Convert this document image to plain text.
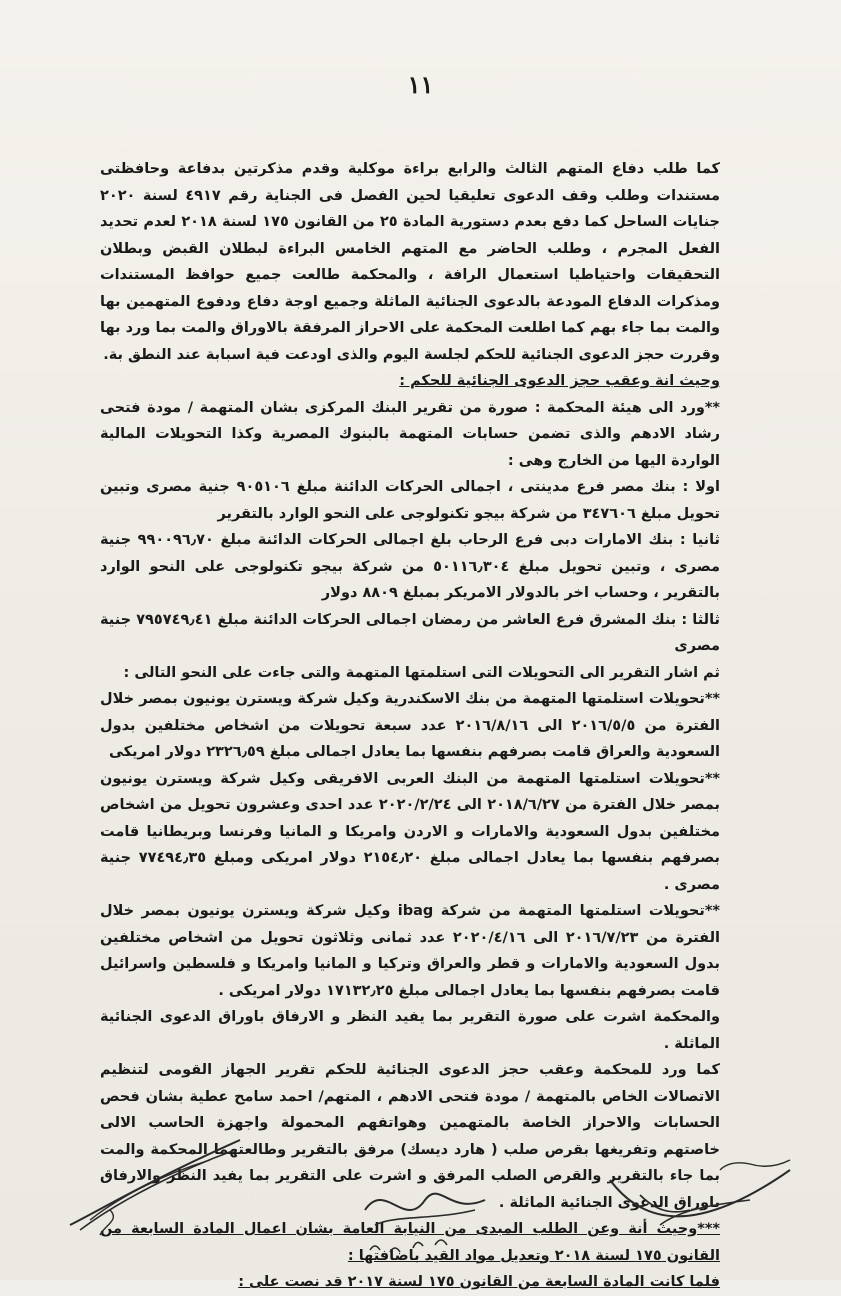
١١

كما طلب دفاع المتهم الثالث والرابع براءة موكلية وقدم مذكرتين بدفاعة وحافظتى مستندات وطلب وقف الدعوى تعليقيا لحين الفصل فى الجناية رقم ٤٩١٧ لسنة ٢٠٢٠ جنايات الساحل كما دفع بعدم دستورية المادة ٢٥ من القانون ١٧٥ لسنة ٢٠١٨ لعدم تحديد الفعل المجرم ، وطلب الحاضر مع المتهم الخامس البراءة لبطلان القبض وبطلان التحقيقات واحتياطيا استعمال الرافة ، والمحكمة طالعت جميع حوافظ المستندات ومذكرات الدفاع المودعة بالدعوى الجنائية الماثلة وجميع اوجة دفاع ودفوع المتهمين بها والمت بما جاء بهم كما اطلعت المحكمة على الاحراز المرفقة بالاوراق والمت بما ورد بها وقررت حجز الدعوى الجنائية للحكم لجلسة اليوم والذى اودعت فية اسبابة عند النطق بة.

وحيث انة وعقب حجز الدعوى الجنائية للحكم :

**ورد الى هيئة المحكمة : صورة من تقرير البنك المركزى بشان المتهمة / مودة فتحى رشاد الادهم والذى تضمن حسابات المتهمة بالبنوك المصرية وكذا التحويلات المالية الواردة اليها من الخارج وهى :

اولا : بنك مصر فرع مدينتى ، اجمالى الحركات الدائنة مبلغ ٩٠٥١٠٦ جنية مصرى وتبين تحويل مبلغ ٣٤٧٦٠٦ من شركة بيجو تكنولوجى على النحو الوارد بالتقرير

ثانيا : بنك الامارات دبى فرع الرحاب بلغ اجمالى الحركات الدائنة مبلغ ٩٩٠٠٩٦٫٧٠ جنية مصرى ، وتبين تحويل مبلغ ٥٠١١٦٫٣٠٤ من شركة بيجو تكنولوجى على النحو الوارد بالتقرير ، وحساب اخر بالدولار الامريكر بمبلغ ٨٨٠٩ دولار

ثالثا : بنك المشرق فرع العاشر من رمضان اجمالى الحركات الدائنة مبلغ ٧٩٥٧٤٩٫٤١ جنية مصرى

ثم اشار التقرير الى التحويلات التى استلمتها المتهمة والتى جاءت على النحو التالى :

**تحويلات استلمتها المتهمة من بنك الاسكندرية وكيل شركة ويسترن يونيون بمصر خلال الفترة من ٢٠١٦/٥/٥ الى ٢٠١٦/٨/١٦ عدد سبعة تحويلات من اشخاص مختلفين بدول السعودية والعراق قامت بصرفهم بنفسها بما يعادل اجمالى مبلغ ٢٣٢٦٫٥٩ دولار امريكى

**تحويلات استلمتها المتهمة من البنك العربى الافريقى وكيل شركة ويسترن يونيون بمصر خلال الفترة من ٢٠١٨/٦/٢٧ الى ٢٠٢٠/٢/٢٤ عدد احدى وعشرون تحويل من اشخاص مختلفين بدول السعودية والامارات و الاردن وامريكا و المانيا وفرنسا وبريطانيا قامت بصرفهم بنفسها بما يعادل اجمالى مبلغ ٢١٥٤٫٢٠ دولار امريكى ومبلغ ٧٧٤٩٤٫٣٥ جنية مصرى .

**تحويلات استلمتها المتهمة من شركة ibag وكيل شركة ويسترن يونيون بمصر خلال الفترة من ٢٠١٦/٧/٢٣ الى ٢٠٢٠/٤/١٦ عدد ثمانى وثلاثون تحويل من اشخاص مختلفين بدول السعودية والامارات و قطر والعراق وتركيا و المانيا وامريكا و فلسطين واسرائيل قامت بصرفهم بنفسها بما يعادل اجمالى مبلغ ١٧١٣٢٫٢٥ دولار امريكى .

والمحكمة اشرت على صورة التقرير بما يفيد النظر و الارفاق باوراق الدعوى الجنائية الماثلة .

كما ورد للمحكمة وعقب حجز الدعوى الجنائية للحكم تقرير الجهاز القومى لتنظيم الاتصالات الخاص بالمتهمة / مودة فتحى الادهم ، المتهم/ احمد سامح عطية بشان فحص الحسابات والاحراز الخاصة بالمتهمين وهواتفهم المحمولة واجهزة الحاسب الالى خاصتهم وتفريغها بقرص صلب ( هارد ديسك) مرفق بالتقرير وطالعتهما المحكمة والمت بما جاء بالتقرير والقرص الصلب المرفق و اشرت على التقرير بما يفيد النظر والارفاق باوراق الدعوى الجنائية الماثلة .

***وحيث أنة وعن الطلب المبدى من النيابة العامة بشان اعمال المادة السابعة من القانون ١٧٥ لسنة ٢٠١٨ وتعديل مواد القيد باضافتها :

فلما كانت المادة السابعة من القانون ١٧٥ لسنة ٢٠١٧ قد نصت على :
